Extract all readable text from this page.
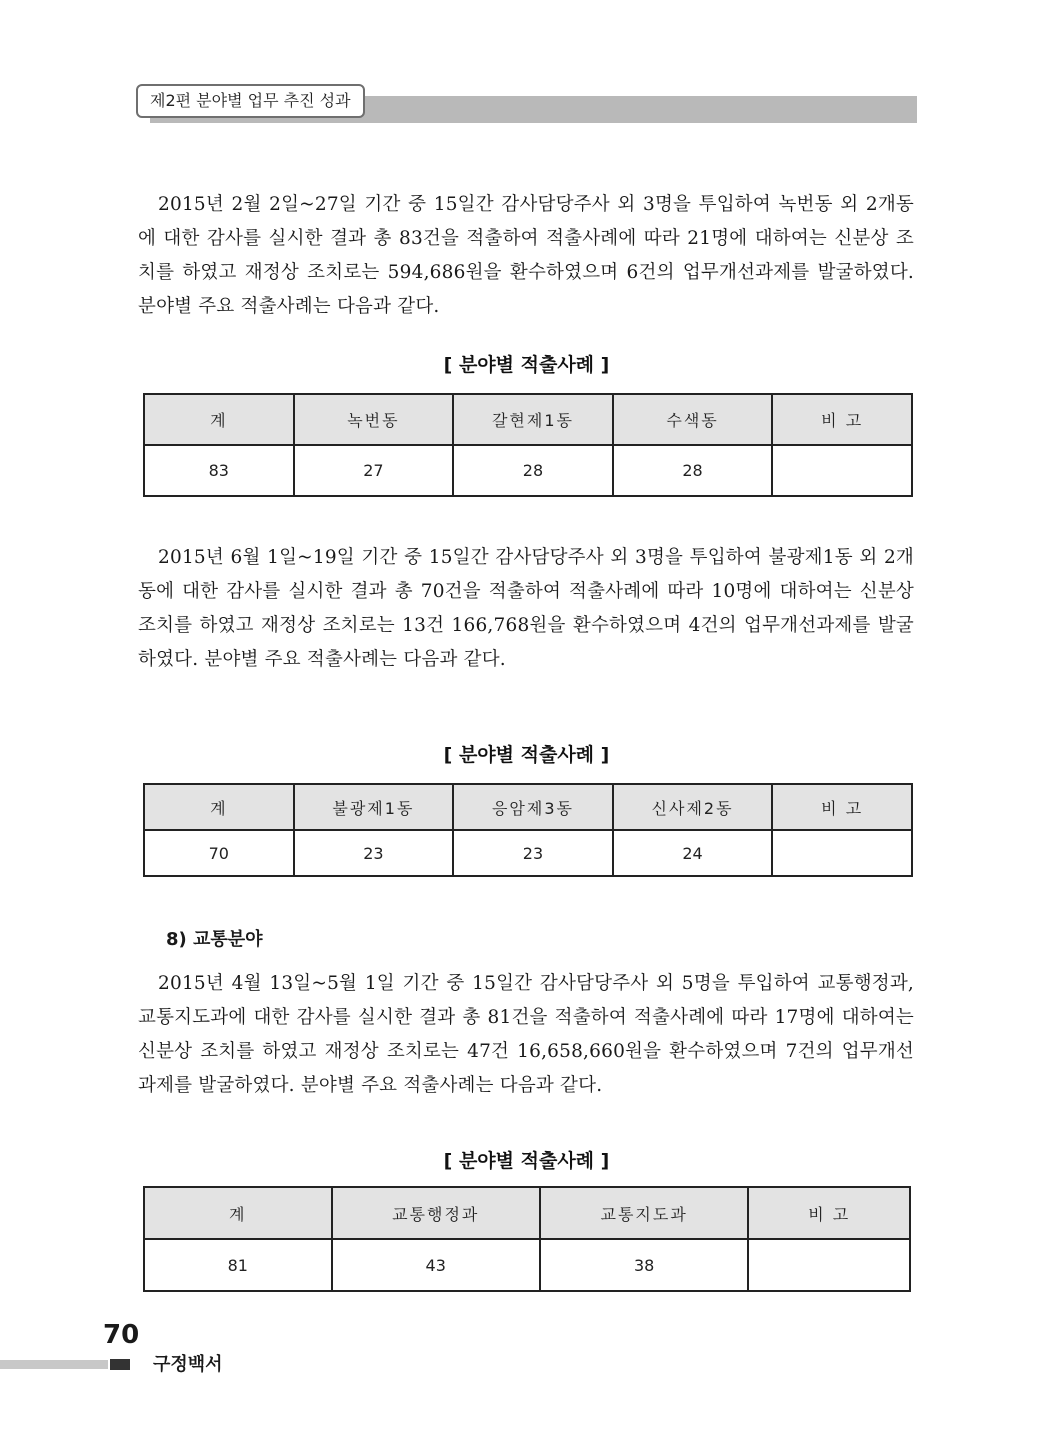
제2편 분야별 업무 추진 성과

2015년 2월 2일~27일 기간 중 15일간 감사담당주사 외 3명을 투입하여 녹번동 외 2개동에 대한 감사를 실시한 결과 총 83건을 적출하여 적출사례에 따라 21명에 대하여는 신분상 조치를 하였고 재정상 조치로는 594,686원을 환수하였으며 6건의 업무개선과제를 발굴하였다. 분야별 주요 적출사례는 다음과 같다.

[ 분야별 적출사례 ]

계	녹번동	갈현제1동	수색동	비 고
83	27	28	28	

2015년 6월 1일~19일 기간 중 15일간 감사담당주사 외 3명을 투입하여 불광제1동 외 2개동에 대한 감사를 실시한 결과 총 70건을 적출하여 적출사례에 따라 10명에 대하여는 신분상 조치를 하였고 재정상 조치로는 13건 166,768원을 환수하였으며 4건의 업무개선과제를 발굴하였다. 분야별 주요 적출사례는 다음과 같다.

[ 분야별 적출사례 ]

계	불광제1동	응암제3동	신사제2동	비 고
70	23	23	24	

8) 교통분야

2015년 4월 13일~5월 1일 기간 중 15일간 감사담당주사 외 5명을 투입하여 교통행정과, 교통지도과에 대한 감사를 실시한 결과 총 81건을 적출하여 적출사례에 따라 17명에 대하여는 신분상 조치를 하였고 재정상 조치로는 47건 16,658,660원을 환수하였으며 7건의 업무개선과제를 발굴하였다. 분야별 주요 적출사례는 다음과 같다.

[ 분야별 적출사례 ]

계	교통행정과	교통지도과	비 고
81	43	38	
70
구정백서
